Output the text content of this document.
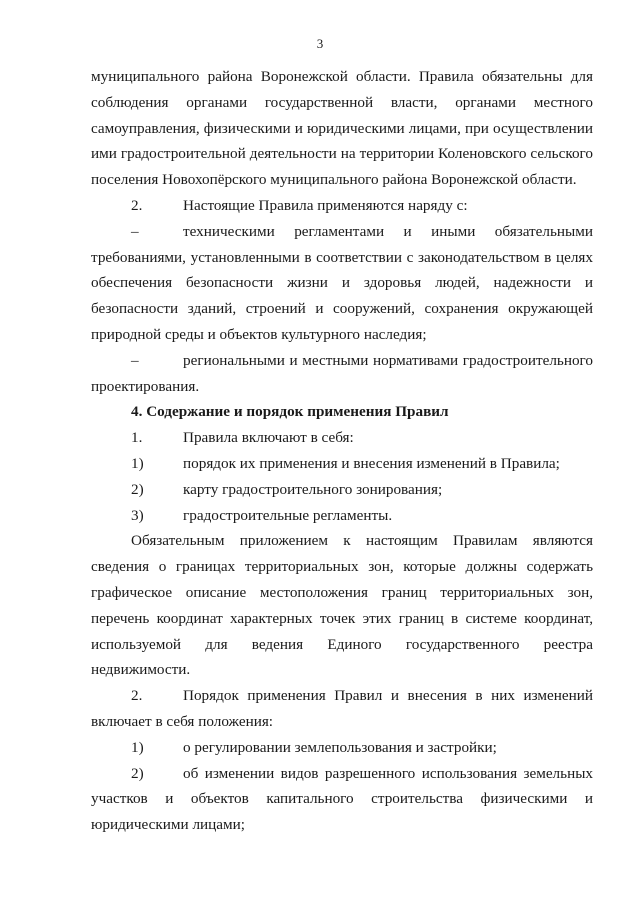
3

муниципального района Воронежской области. Правила обязательны для соблюдения органами государственной власти, органами местного самоуправления, физическими и юридическими лицами, при осуществлении ими градостроительной деятельности на территории Коленовского сельского поселения Новохопёрского муниципального района Воронежской области.

2.	Настоящие Правила применяются наряду с:

–	техническими регламентами и иными обязательными требованиями, установленными в соответствии с законодательством в целях обеспечения безопасности жизни и здоровья людей, надежности и безопасности зданий, строений и сооружений, сохранения окружающей природной среды и объектов культурного наследия;

–	региональными и местными нормативами градостроительного проектирования.

4. Содержание и порядок применения Правил

1.	Правила включают в себя:

1)	порядок их применения и внесения изменений в Правила;

2)	карту градостроительного зонирования;

3)	градостроительные регламенты.

Обязательным приложением к настоящим Правилам являются сведения о границах территориальных зон, которые должны содержать графическое описание местоположения границ территориальных зон, перечень координат характерных точек этих границ в системе координат, используемой для ведения Единого государственного реестра недвижимости.

2.	Порядок применения Правил и внесения в них изменений включает в себя положения:

1)	о регулировании землепользования и застройки;

2)	об изменении видов разрешенного использования земельных участков и объектов капитального строительства физическими и юридическими лицами;
